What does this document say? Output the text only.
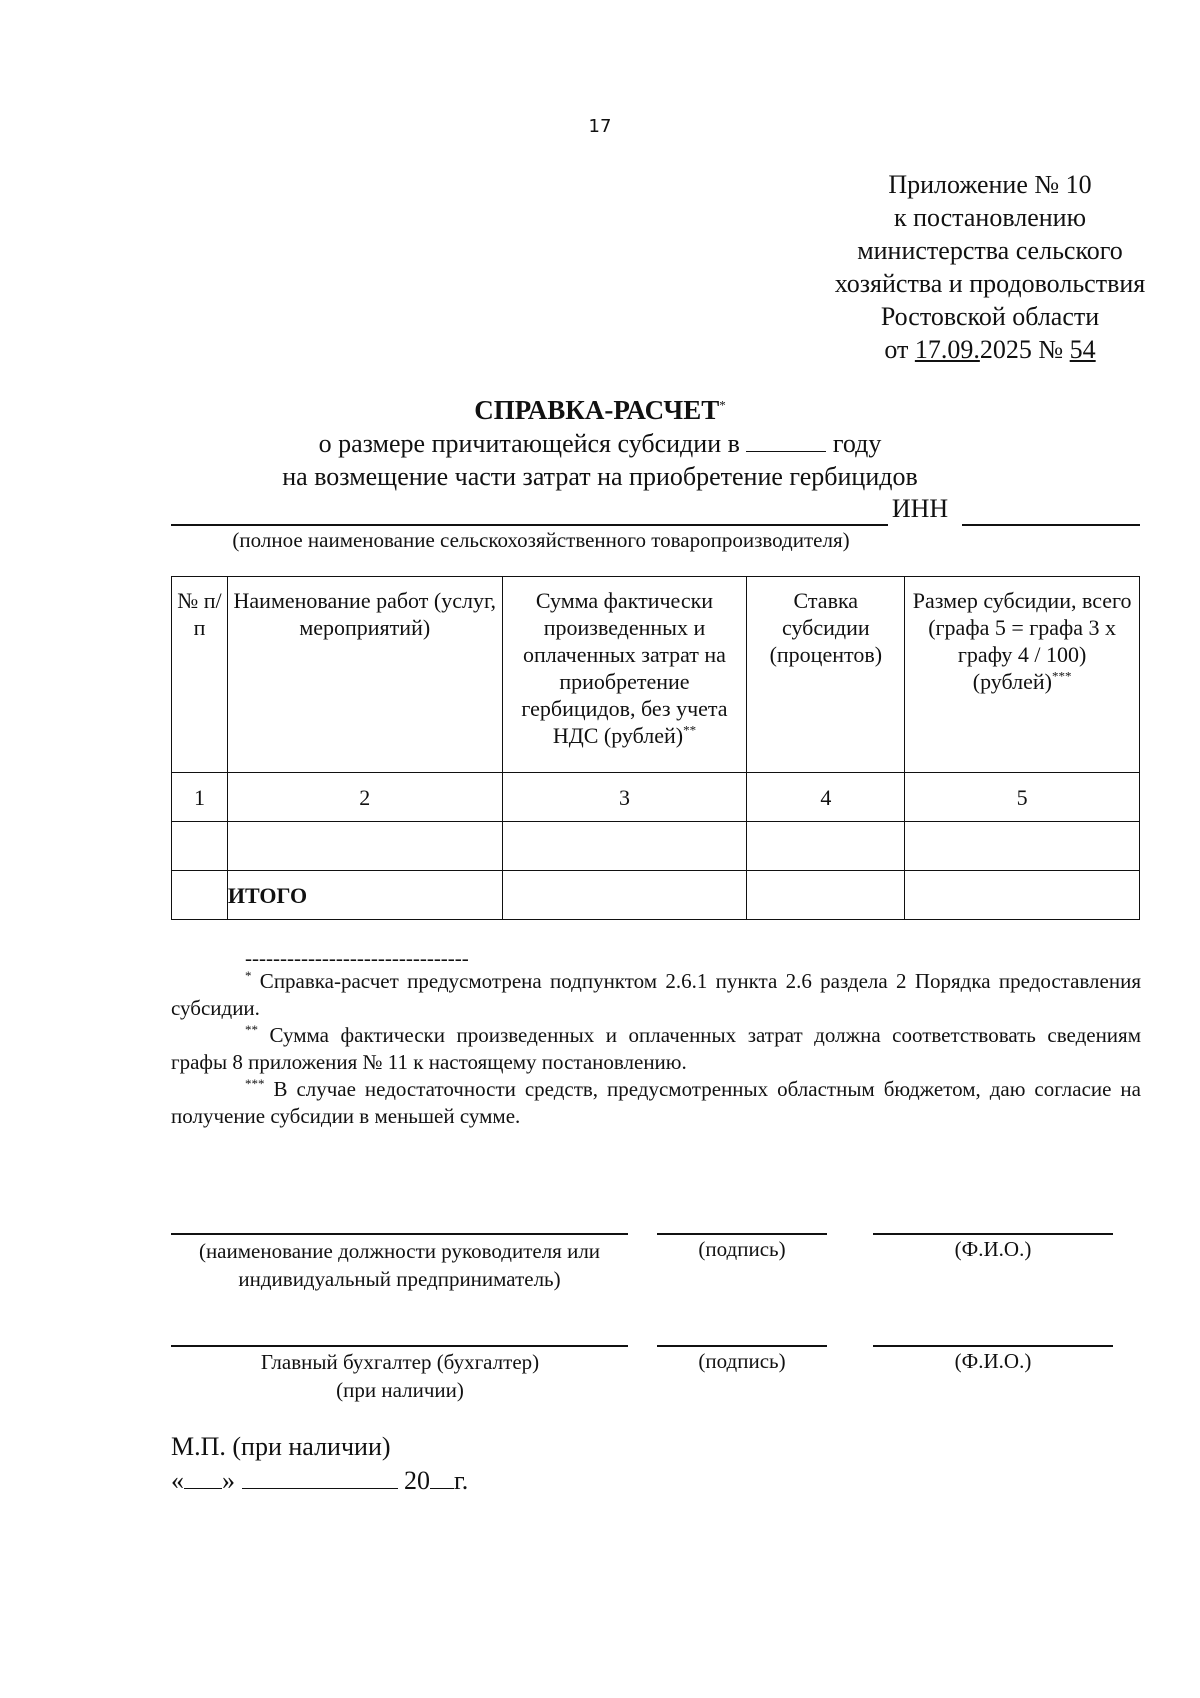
17
Приложение № 10
к постановлению
министерства сельского
хозяйства и продовольствия
Ростовской области
от 17.09.2025 № 54
СПРАВКА-РАСЧЕТ*
о размере причитающейся субсидии в	году
на возмещение части затрат на приобретение гербицидов
ИНН
(полное наименование сельскохозяйственного товаропроизводителя)
№ п/п	Наименование работ (услуг, мероприятий)	Сумма фактически произведенных и оплаченных затрат на приобретение гербицидов, без учета НДС (рублей)**	Ставка субсидии (процентов)	Размер субсидии, всего (графа 5 = графа 3 x графу 4 / 100) (рублей)***
1	2	3	4	5

	ИТОГО			

--------------------------------

* Справка-расчет предусмотрена подпунктом 2.6.1 пункта 2.6 раздела 2 Порядка предоставления субсидии.

** Сумма фактически произведенных и оплаченных затрат должна соответствовать сведениям графы 8 приложения № 11 к настоящему постановлению.

*** В случае недостаточности средств, предусмотренных областным бюджетом, даю согласие на получение субсидии в меньшей сумме.

(наименование должности руководителя или индивидуальный предприниматель)
(подпись)	(Ф.И.О.)
Главный бухгалтер (бухгалтер) (при наличии)
(подпись)	(Ф.И.О.)
М.П. (при наличии)
« »	20 г.
